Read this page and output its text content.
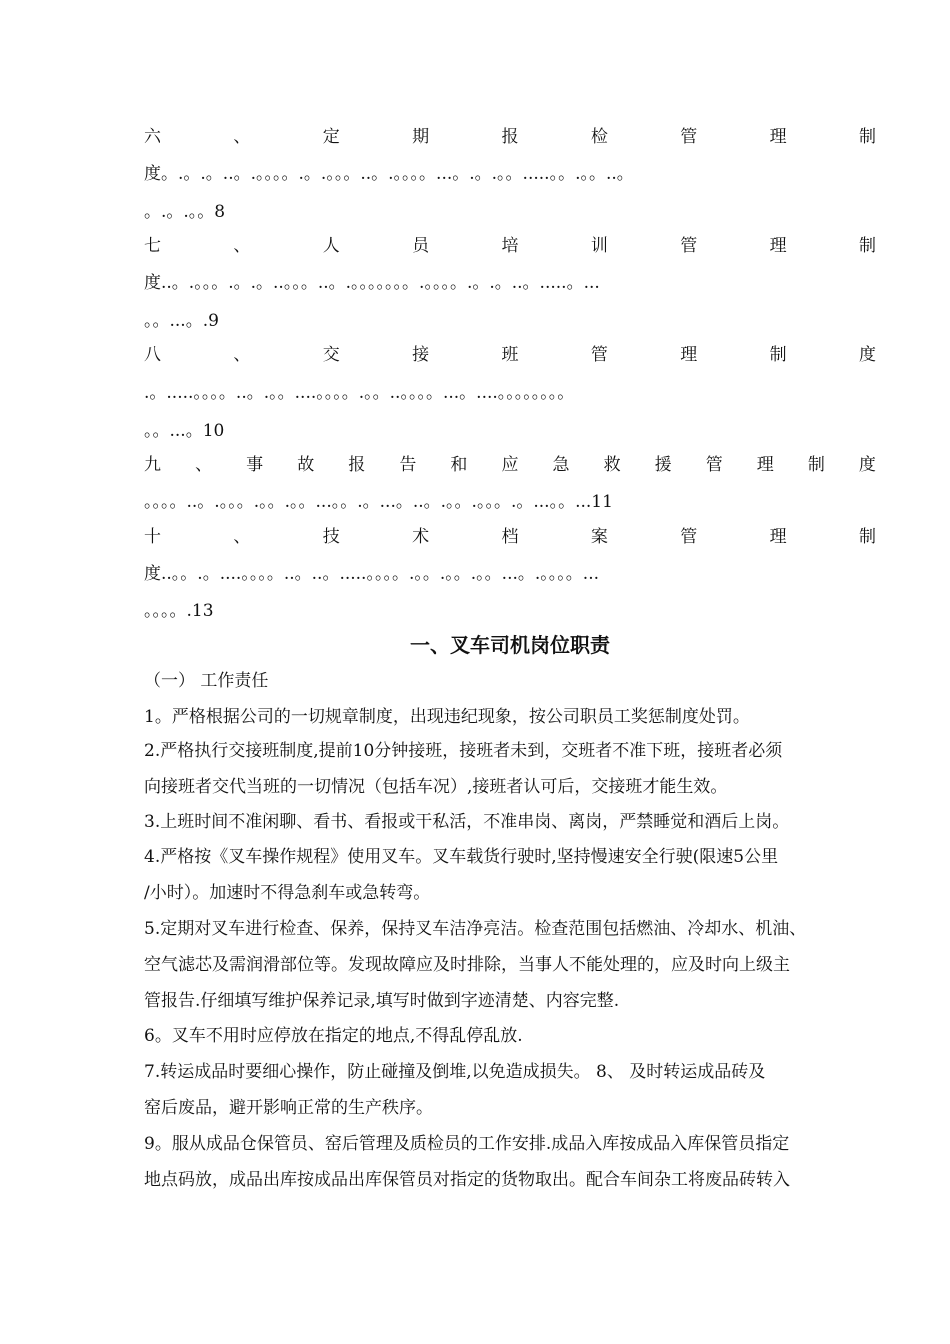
六	、	定	期	报	检	管	理	制
度。.。.。..。.。。。。.。.。。。..。.。。。。...。.。.。。.....。。.。。..。
。.。.。。8
七	、	人	员	培	训	管	理	制
度..。.。。。.。.。..。。。..。.。。。。。。。.。。。。.。.。..。.....。...
。。...。.9
八	、	交	接	班	管	理	制	度
.。.....。。。。..。.。。....。。。。.。。..。。。。...。....。。。。。。。。
。。...。10
九 、 事 故 报 告 和 应 急 救 援 管 理 制 度
。。。。..。.。。。.。。.。。...。。.。...。..。.。。.。。。.。...。。...11
十	、	技	术	档	案	管	理	制
度..。。.。....。。。。..。..。.....。。。。.。。.。。.。。...。.。。。。...
。。。。.13
一、叉车司机岗位职责
（一） 工作责任
1。严格根据公司的一切规章制度，出现违纪现象，按公司职员工奖惩制度处罚。
2.严格执行交接班制度,提前10分钟接班，接班者未到，交班者不准下班，接班者必须
向接班者交代当班的一切情况（包括车况）,接班者认可后，交接班才能生效。
3.上班时间不准闲聊、看书、看报或干私活，不准串岗、离岗，严禁睡觉和酒后上岗。
4.严格按《叉车操作规程》使用叉车。叉车载货行驶时,坚持慢速安全行驶(限速5公里
/小时）。加速时不得急刹车或急转弯。
5.定期对叉车进行检查、保养，保持叉车洁净亮洁。检查范围包括燃油、冷却水、机油、
空气滤芯及需润滑部位等。发现故障应及时排除，当事人不能处理的，应及时向上级主
管报告.仔细填写维护保养记录,填写时做到字迹清楚、内容完整.
6。叉车不用时应停放在指定的地点,不得乱停乱放.
7.转运成品时要细心操作，防止碰撞及倒堆,以免造成损失。 8、 及时转运成品砖及
窑后废品，避开影响正常的生产秩序。
9。服从成品仓保管员、窑后管理及质检员的工作安排.成品入库按成品入库保管员指定
地点码放，成品出库按成品出库保管员对指定的货物取出。配合车间杂工将废品砖转入
